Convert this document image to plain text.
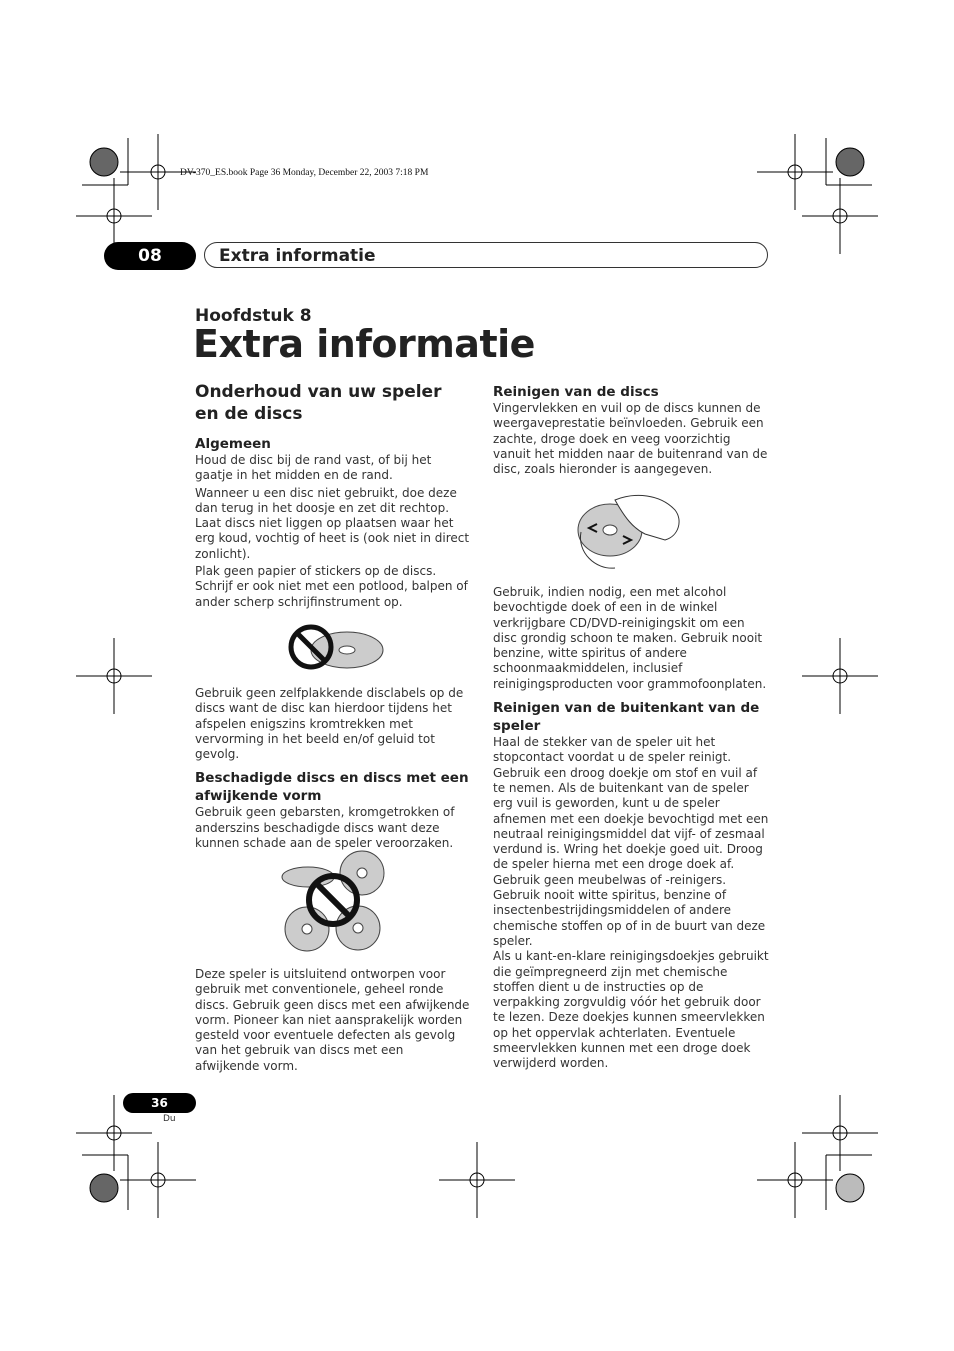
DV-370_ES.book Page 36 Monday, December 22, 2003 7:18 PM
08	Extra informatie
Hoofdstuk 8
Extra informatie
Onderhoud van uw speler en de discs
Algemeen

Houd de disc bij de rand vast, of bij het gaatje in het midden en de rand.

Wanneer u een disc niet gebruikt, doe deze dan terug in het doosje en zet dit rechtop. Laat discs niet liggen op plaatsen waar het erg koud, vochtig of heet is (ook niet in direct zonlicht).

Plak geen papier of stickers op de discs. Schrijf er ook niet met een potlood, balpen of ander scherp schrijfinstrument op.

Gebruik geen zelfplakkende disclabels op de discs want de disc kan hierdoor tijdens het afspelen enigszins kromtrekken met vervorming in het beeld en/of geluid tot gevolg.

Beschadigde discs en discs met een afwijkende vorm

Gebruik geen gebarsten, kromgetrokken of anderszins beschadigde discs want deze kunnen schade aan de speler veroorzaken.

Deze speler is uitsluitend ontworpen voor gebruik met conventionele, geheel ronde discs. Gebruik geen discs met een afwijkende vorm. Pioneer kan niet aansprakelijk worden gesteld voor eventuele defecten als gevolg van het gebruik van discs met een afwijkende vorm.

Reinigen van de discs

Vingervlekken en vuil op de discs kunnen de weergaveprestatie beïnvloeden. Gebruik een zachte, droge doek en veeg voorzichtig vanuit het midden naar de buitenrand van de disc, zoals hieronder is aangegeven.

Gebruik, indien nodig, een met alcohol bevochtigde doek of een in de winkel verkrijgbare CD/DVD-reinigingskit om een disc grondig schoon te maken. Gebruik nooit benzine, witte spiritus of andere schoonmaakmiddelen, inclusief reinigingsproducten voor grammofoonplaten.

Reinigen van de buitenkant van de speler

Haal de stekker van de speler uit het stopcontact voordat u de speler reinigt. Gebruik een droog doekje om stof en vuil af te nemen. Als de buitenkant van de speler erg vuil is geworden, kunt u de speler afnemen met een doekje bevochtigd met een neutraal reinigingsmiddel dat vijf- of zesmaal verdund is. Wring het doekje goed uit. Droog de speler hierna met een droge doek af.

Gebruik geen meubelwas of -reinigers. Gebruik nooit witte spiritus, benzine of insectenbestrijdingsmiddelen of andere chemische stoffen op of in de buurt van deze speler.

Als u kant-en-klare reinigingsdoekjes gebruikt die geïmpregneerd zijn met chemische stoffen dient u de instructies op de verpakking zorgvuldig vóór het gebruik door te lezen. Deze doekjes kunnen smeervlekken op het oppervlak achterlaten. Eventuele smeervlekken kunnen met een droge doek verwijderd worden.

36
Du
